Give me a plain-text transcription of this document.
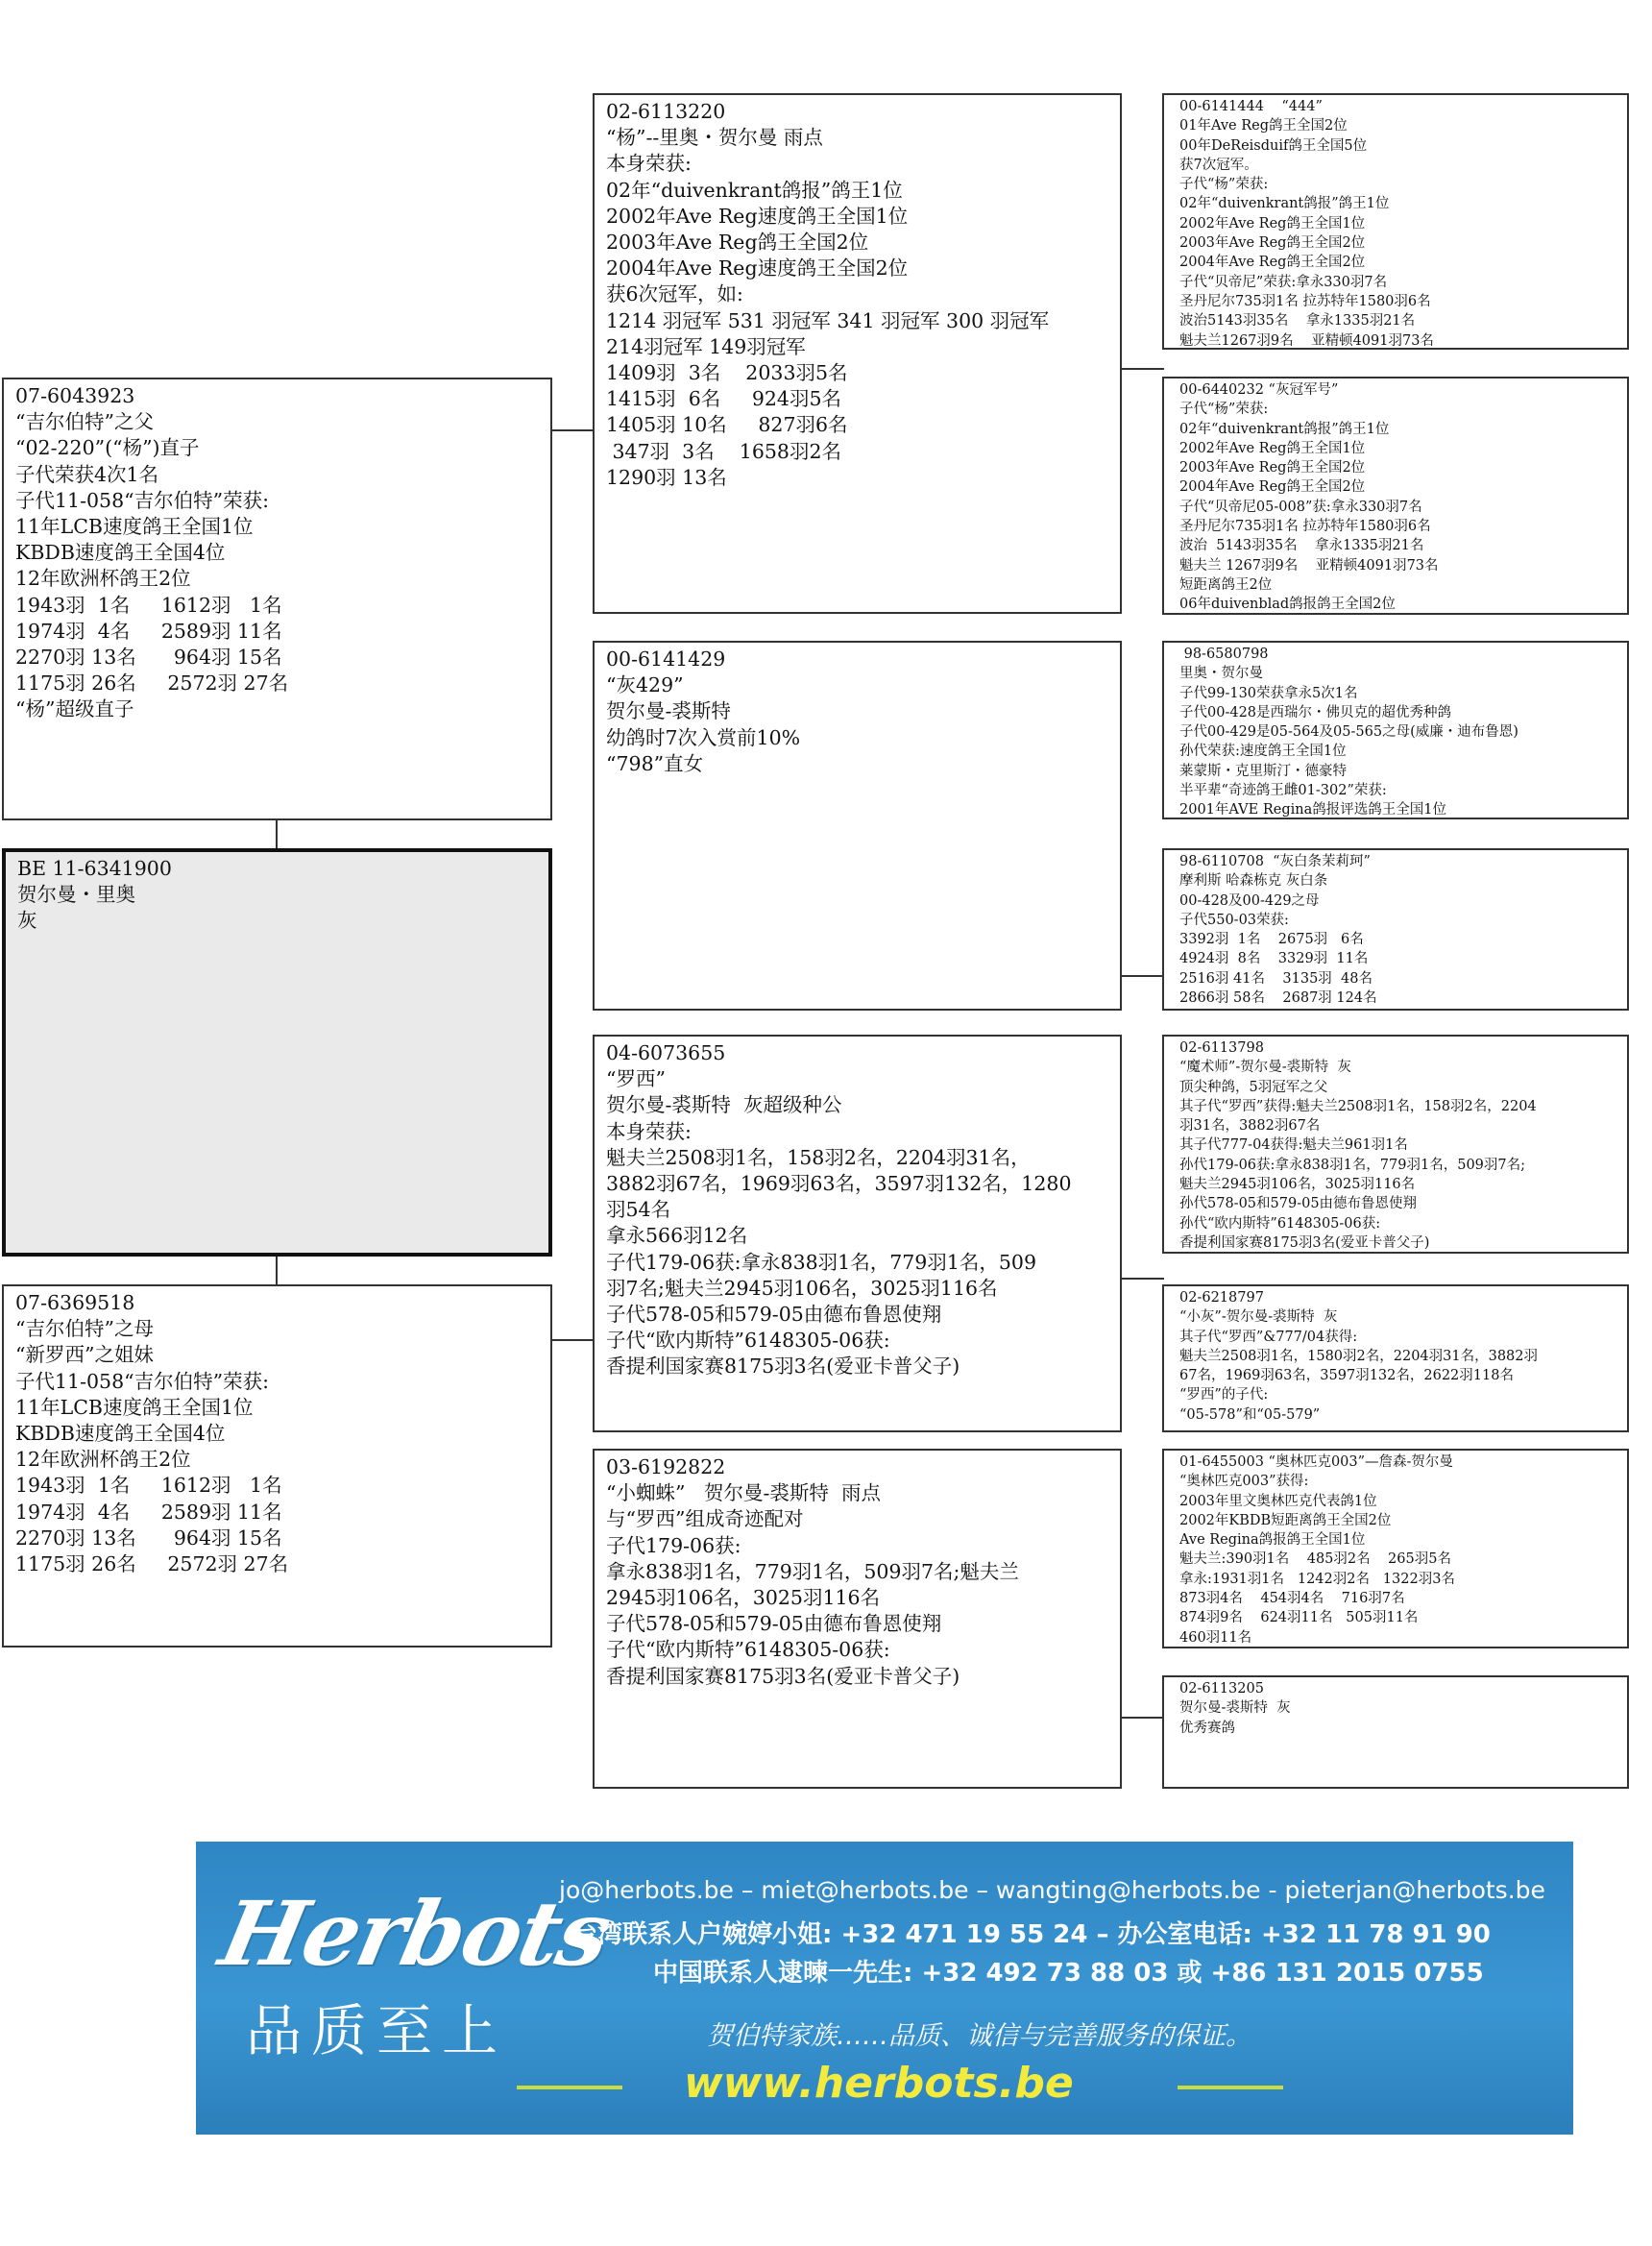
07-6043923
“吉尔伯特”之父
“02-220”(“杨”)直子
子代荣获4次1名
子代11-058“吉尔伯特”荣获:
11年LCB速度鸽王全国1位
KBDB速度鸽王全国4位
12年欧洲杯鸽王2位
1943羽  1名     1612羽   1名
1974羽  4名     2589羽 11名
2270羽 13名      964羽 15名
1175羽 26名     2572羽 27名
“杨”超级直子
BE 11-6341900
贺尔曼・里奥
灰
07-6369518
“吉尔伯特”之母
“新罗西”之姐妹
子代11-058“吉尔伯特”荣获:
11年LCB速度鸽王全国1位
KBDB速度鸽王全国4位
12年欧洲杯鸽王2位
1943羽  1名     1612羽   1名
1974羽  4名     2589羽 11名
2270羽 13名      964羽 15名
1175羽 26名     2572羽 27名
02-6113220
“杨”--里奥・贺尔曼 雨点
本身荣获:
02年“duivenkrant鸽报”鸽王1位
2002年Ave Reg速度鸽王全国1位
2003年Ave Reg鸽王全国2位
2004年Ave Reg速度鸽王全国2位
获6次冠军，如:
1214 羽冠军 531 羽冠军 341 羽冠军 300 羽冠军
214羽冠军 149羽冠军
1409羽  3名    2033羽5名
1415羽  6名     924羽5名
1405羽 10名     827羽6名
347羽  3名    1658羽2名
1290羽 13名
00-6141429
“灰429”
贺尔曼-裘斯特
幼鸽时7次入赏前10%
“798”直女
04-6073655
“罗西”
贺尔曼-裘斯特  灰超级种公
本身荣获:
魁夫兰2508羽1名，158羽2名，2204羽31名，
3882羽67名，1969羽63名，3597羽132名，1280
羽54名
拿永566羽12名
子代179-06获:拿永838羽1名，779羽1名，509
羽7名;魁夫兰2945羽106名，3025羽116名
子代578-05和579-05由德布鲁恩使翔
子代“欧内斯特”6148305-06获:
香提利国家赛8175羽3名(爱亚卡普父子)
03-6192822
“小蜘蛛”   贺尔曼-裘斯特  雨点
与“罗西”组成奇迹配对
子代179-06获:
拿永838羽1名，779羽1名，509羽7名;魁夫兰
2945羽106名，3025羽116名
子代578-05和579-05由德布鲁恩使翔
子代“欧内斯特”6148305-06获:
香提利国家赛8175羽3名(爱亚卡普父子)
00-6141444    “444”
01年Ave Reg鸽王全国2位
00年DeReisduif鸽王全国5位
获7次冠军。
子代“杨”荣获:
02年“duivenkrant鸽报”鸽王1位
2002年Ave Reg鸽王全国1位
2003年Ave Reg鸽王全国2位
2004年Ave Reg鸽王全国2位
子代“贝帝尼”荣获:拿永330羽7名
圣丹尼尔735羽1名 拉苏特年1580羽6名
波治5143羽35名    拿永1335羽21名
魁夫兰1267羽9名    亚精顿4091羽73名
00-6440232 “灰冠军号”
子代“杨”荣获:
02年“duivenkrant鸽报”鸽王1位
2002年Ave Reg鸽王全国1位
2003年Ave Reg鸽王全国2位
2004年Ave Reg鸽王全国2位
子代“贝帝尼05-008”获:拿永330羽7名
圣丹尼尔735羽1名 拉苏特年1580羽6名
波治  5143羽35名    拿永1335羽21名
魁夫兰 1267羽9名    亚精顿4091羽73名
短距离鸽王2位
06年duivenblad鸽报鸽王全国2位
98-6580798
里奥・贺尔曼
子代99-130荣获拿永5次1名
子代00-428是西瑞尔・佛贝克的超优秀种鸽
子代00-429是05-564及05-565之母(威廉・迪布鲁恩)
孙代荣获:速度鸽王全国1位
莱蒙斯・克里斯汀・德豪特
半平辈“奇迹鸽王雌01-302”荣获:
2001年AVE Regina鸽报评选鸽王全国1位
98-6110708  “灰白条茉莉珂”
摩利斯 哈森栋克 灰白条
00-428及00-429之母
子代550-03荣获:
3392羽  1名    2675羽   6名
4924羽  8名    3329羽  11名
2516羽 41名    3135羽  48名
2866羽 58名    2687羽 124名
02-6113798
“魔术师”-贺尔曼-裘斯特  灰
顶尖种鸽，5羽冠军之父
其子代“罗西”获得:魁夫兰2508羽1名，158羽2名，2204
羽31名，3882羽67名
其子代777-04获得:魁夫兰961羽1名
孙代179-06获:拿永838羽1名，779羽1名，509羽7名;
魁夫兰2945羽106名，3025羽116名
孙代578-05和579-05由德布鲁恩使翔
孙代“欧内斯特”6148305-06获:
香提利国家赛8175羽3名(爱亚卡普父子)
02-6218797
“小灰”-贺尔曼-裘斯特  灰
其子代“罗西”&777/04获得:
魁夫兰2508羽1名，1580羽2名，2204羽31名，3882羽
67名，1969羽63名，3597羽132名，2622羽118名
“罗西”的子代:
“05-578”和“05-579”
01-6455003 “奥林匹克003”—詹森-贺尔曼
“奥林匹克003”获得:
2003年里文奥林匹克代表鸽1位
2002年KBDB短距离鸽王全国2位
Ave Regina鸽报鸽王全国1位
魁夫兰:390羽1名    485羽2名    265羽5名
拿永:1931羽1名   1242羽2名   1322羽3名
873羽4名    454羽4名    716羽7名
874羽9名    624羽11名   505羽11名
460羽11名
02-6113205
贺尔曼-裘斯特  灰
优秀赛鸽
Herbots
品质至上
jo@herbots.be – miet@herbots.be – wangting@herbots.be - pieterjan@herbots.be
台湾联系人户婉婷小姐: +32 471 19 55 24 – 办公室电话: +32 11 78 91 90
中国联系人逮暕一先生: +32 492 73 88 03 或 +86 131 2015 0755
贺伯特家族……品质、诚信与完善服务的保证。
www.herbots.be
